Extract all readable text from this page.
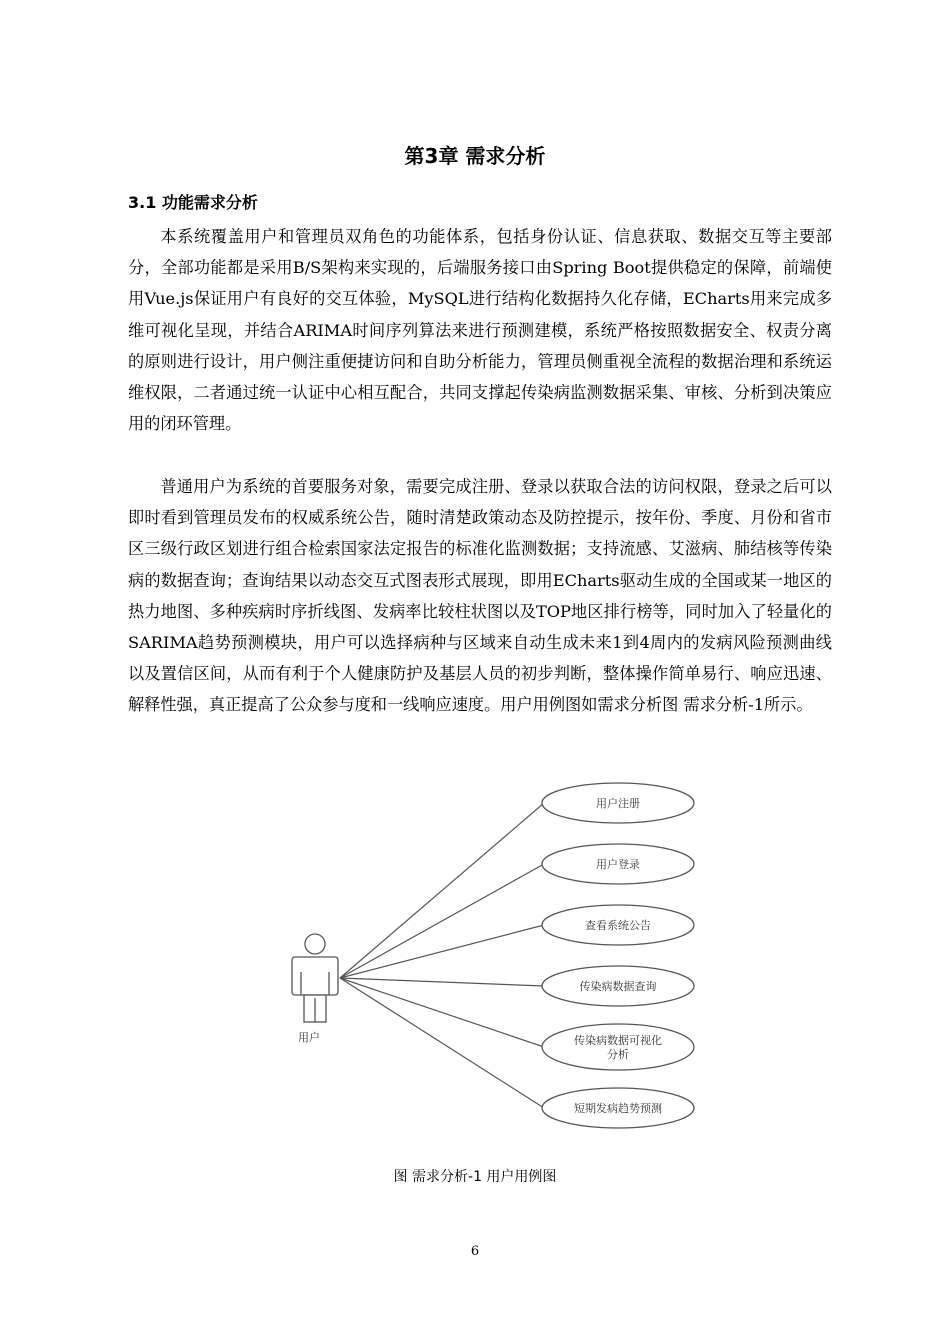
第3章 需求分析
3.1 功能需求分析

本系统覆盖用户和管理员双角色的功能体系，包括身份认证、信息获取、数据交互等主要部分，全部功能都是采用B/S架构来实现的，后端服务接口由Spring Boot提供稳定的保障，前端使用Vue.js保证用户有良好的交互体验，MySQL进行结构化数据持久化存储，ECharts用来完成多维可视化呈现，并结合ARIMA时间序列算法来进行预测建模，系统严格按照数据安全、权责分离的原则进行设计，用户侧注重便捷访问和自助分析能力，管理员侧重视全流程的数据治理和系统运维权限，二者通过统一认证中心相互配合，共同支撑起传染病监测数据采集、审核、分析到决策应用的闭环管理。

普通用户为系统的首要服务对象，需要完成注册、登录以获取合法的访问权限，登录之后可以即时看到管理员发布的权威系统公告，随时清楚政策动态及防控提示，按年份、季度、月份和省市区三级行政区划进行组合检索国家法定报告的标准化监测数据；支持流感、艾滋病、肺结核等传染病的数据查询；查询结果以动态交互式图表形式展现，即用ECharts驱动生成的全国或某一地区的热力地图、多种疾病时序折线图、发病率比较柱状图以及TOP地区排行榜等，同时加入了轻量化的SARIMA趋势预测模块，用户可以选择病种与区域来自动生成未来1到4周内的发病风险预测曲线以及置信区间，从而有利于个人健康防护及基层人员的初步判断，整体操作简单易行、响应迅速、解释性强，真正提高了公众参与度和一线响应速度。用户用例图如需求分析图 需求分析-1所示。

用户
用户注册
用户登录
查看系统公告
传染病数据查询
传染病数据可视化
分析
短期发病趋势预测
图 需求分析-1 用户用例图
6
